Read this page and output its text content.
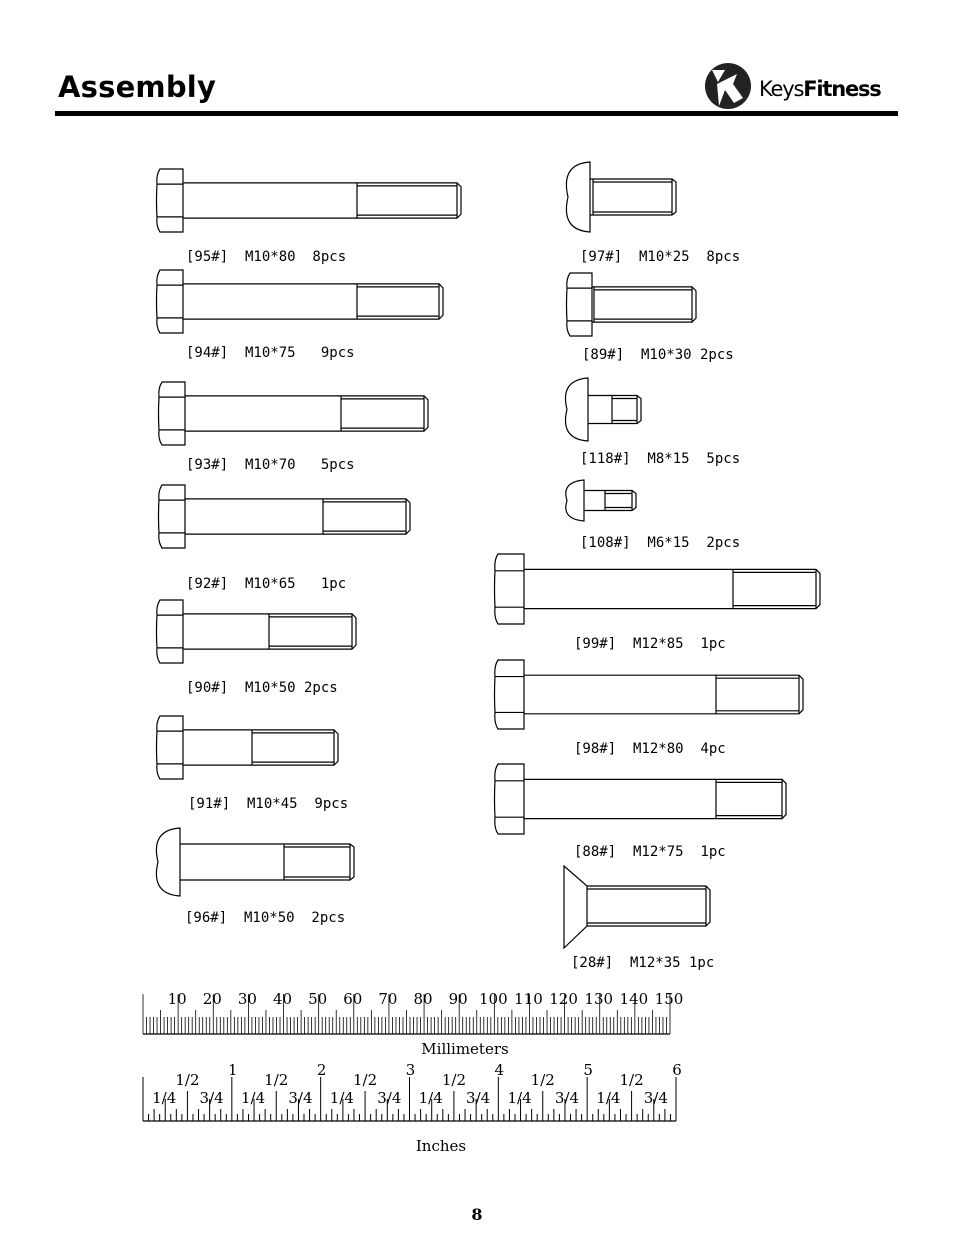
Assembly	KeysFitness
[95#]  M10*80  8pcs
[94#]  M10*75   9pcs
[93#]  M10*70   5pcs
[92#]  M10*65   1pc
[90#]  M10*50 2pcs
[91#]  M10*45  9pcs
[96#]  M10*50  2pcs
[97#]  M10*25  8pcs
[89#]  M10*30 2pcs
[118#]  M8*15  5pcs
[108#]  M6*15  2pcs
[99#]  M12*85  1pc
[98#]  M12*80  4pc
[88#]  M12*75  1pc
[28#]  M12*35 1pc
10 20 30 40 50 60 70 80 90 100 110 120 130 140 150
Millimeters
1/2
1/4 3/4
1/2
1/4 3/4
1/2
1/4 3/4
1/2
1/4 3/4
1/2
1/4 3/4
1/2
1/4 3/4
1	2	3	4	5	6
Inches
8
